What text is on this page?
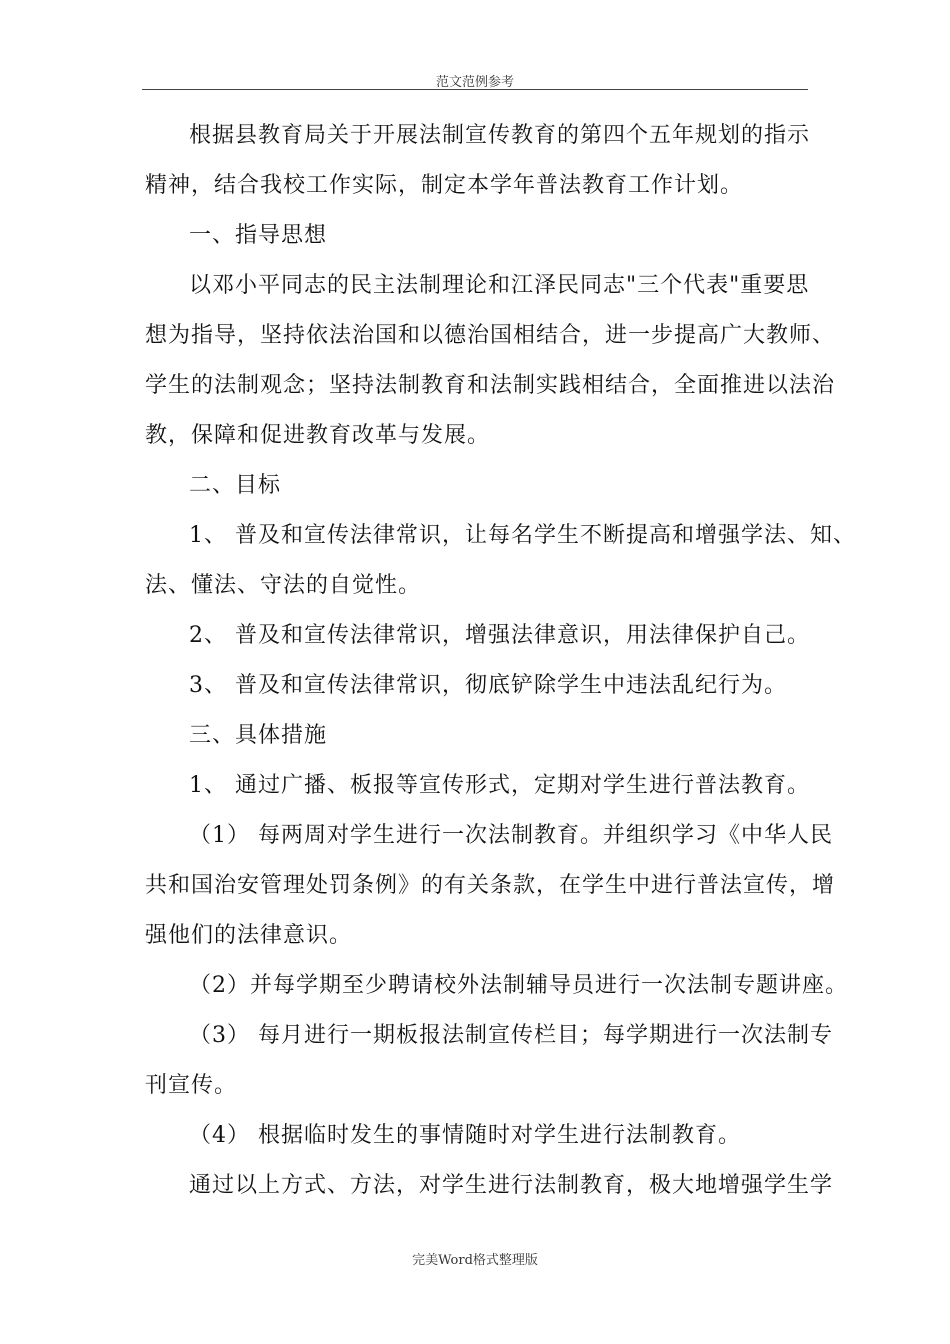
范文范例参考
根据县教育局关于开展法制宣传教育的第四个五年规划的指示
精神，结合我校工作实际，制定本学年普法教育工作计划。
一、指导思想
以邓小平同志的民主法制理论和江泽民同志"三个代表"重要思
想为指导，坚持依法治国和以德治国相结合，进一步提高广大教师、
学生的法制观念；坚持法制教育和法制实践相结合，全面推进以法治
教，保障和促进教育改革与发展。
二、目标
1、 普及和宣传法律常识，让每名学生不断提高和增强学法、知、
法、懂法、守法的自觉性。
2、 普及和宣传法律常识，增强法律意识，用法律保护自己。
3、 普及和宣传法律常识，彻底铲除学生中违法乱纪行为。
三、具体措施
1、 通过广播、板报等宣传形式，定期对学生进行普法教育。
（1） 每两周对学生进行一次法制教育。并组织学习《中华人民
共和国治安管理处罚条例》的有关条款，在学生中进行普法宣传，增
强他们的法律意识。
（2）并每学期至少聘请校外法制辅导员进行一次法制专题讲座。
（3） 每月进行一期板报法制宣传栏目；每学期进行一次法制专
刊宣传。
（4） 根据临时发生的事情随时对学生进行法制教育。
通过以上方式、方法，对学生进行法制教育，极大地增强学生学
完美Word格式整理版
